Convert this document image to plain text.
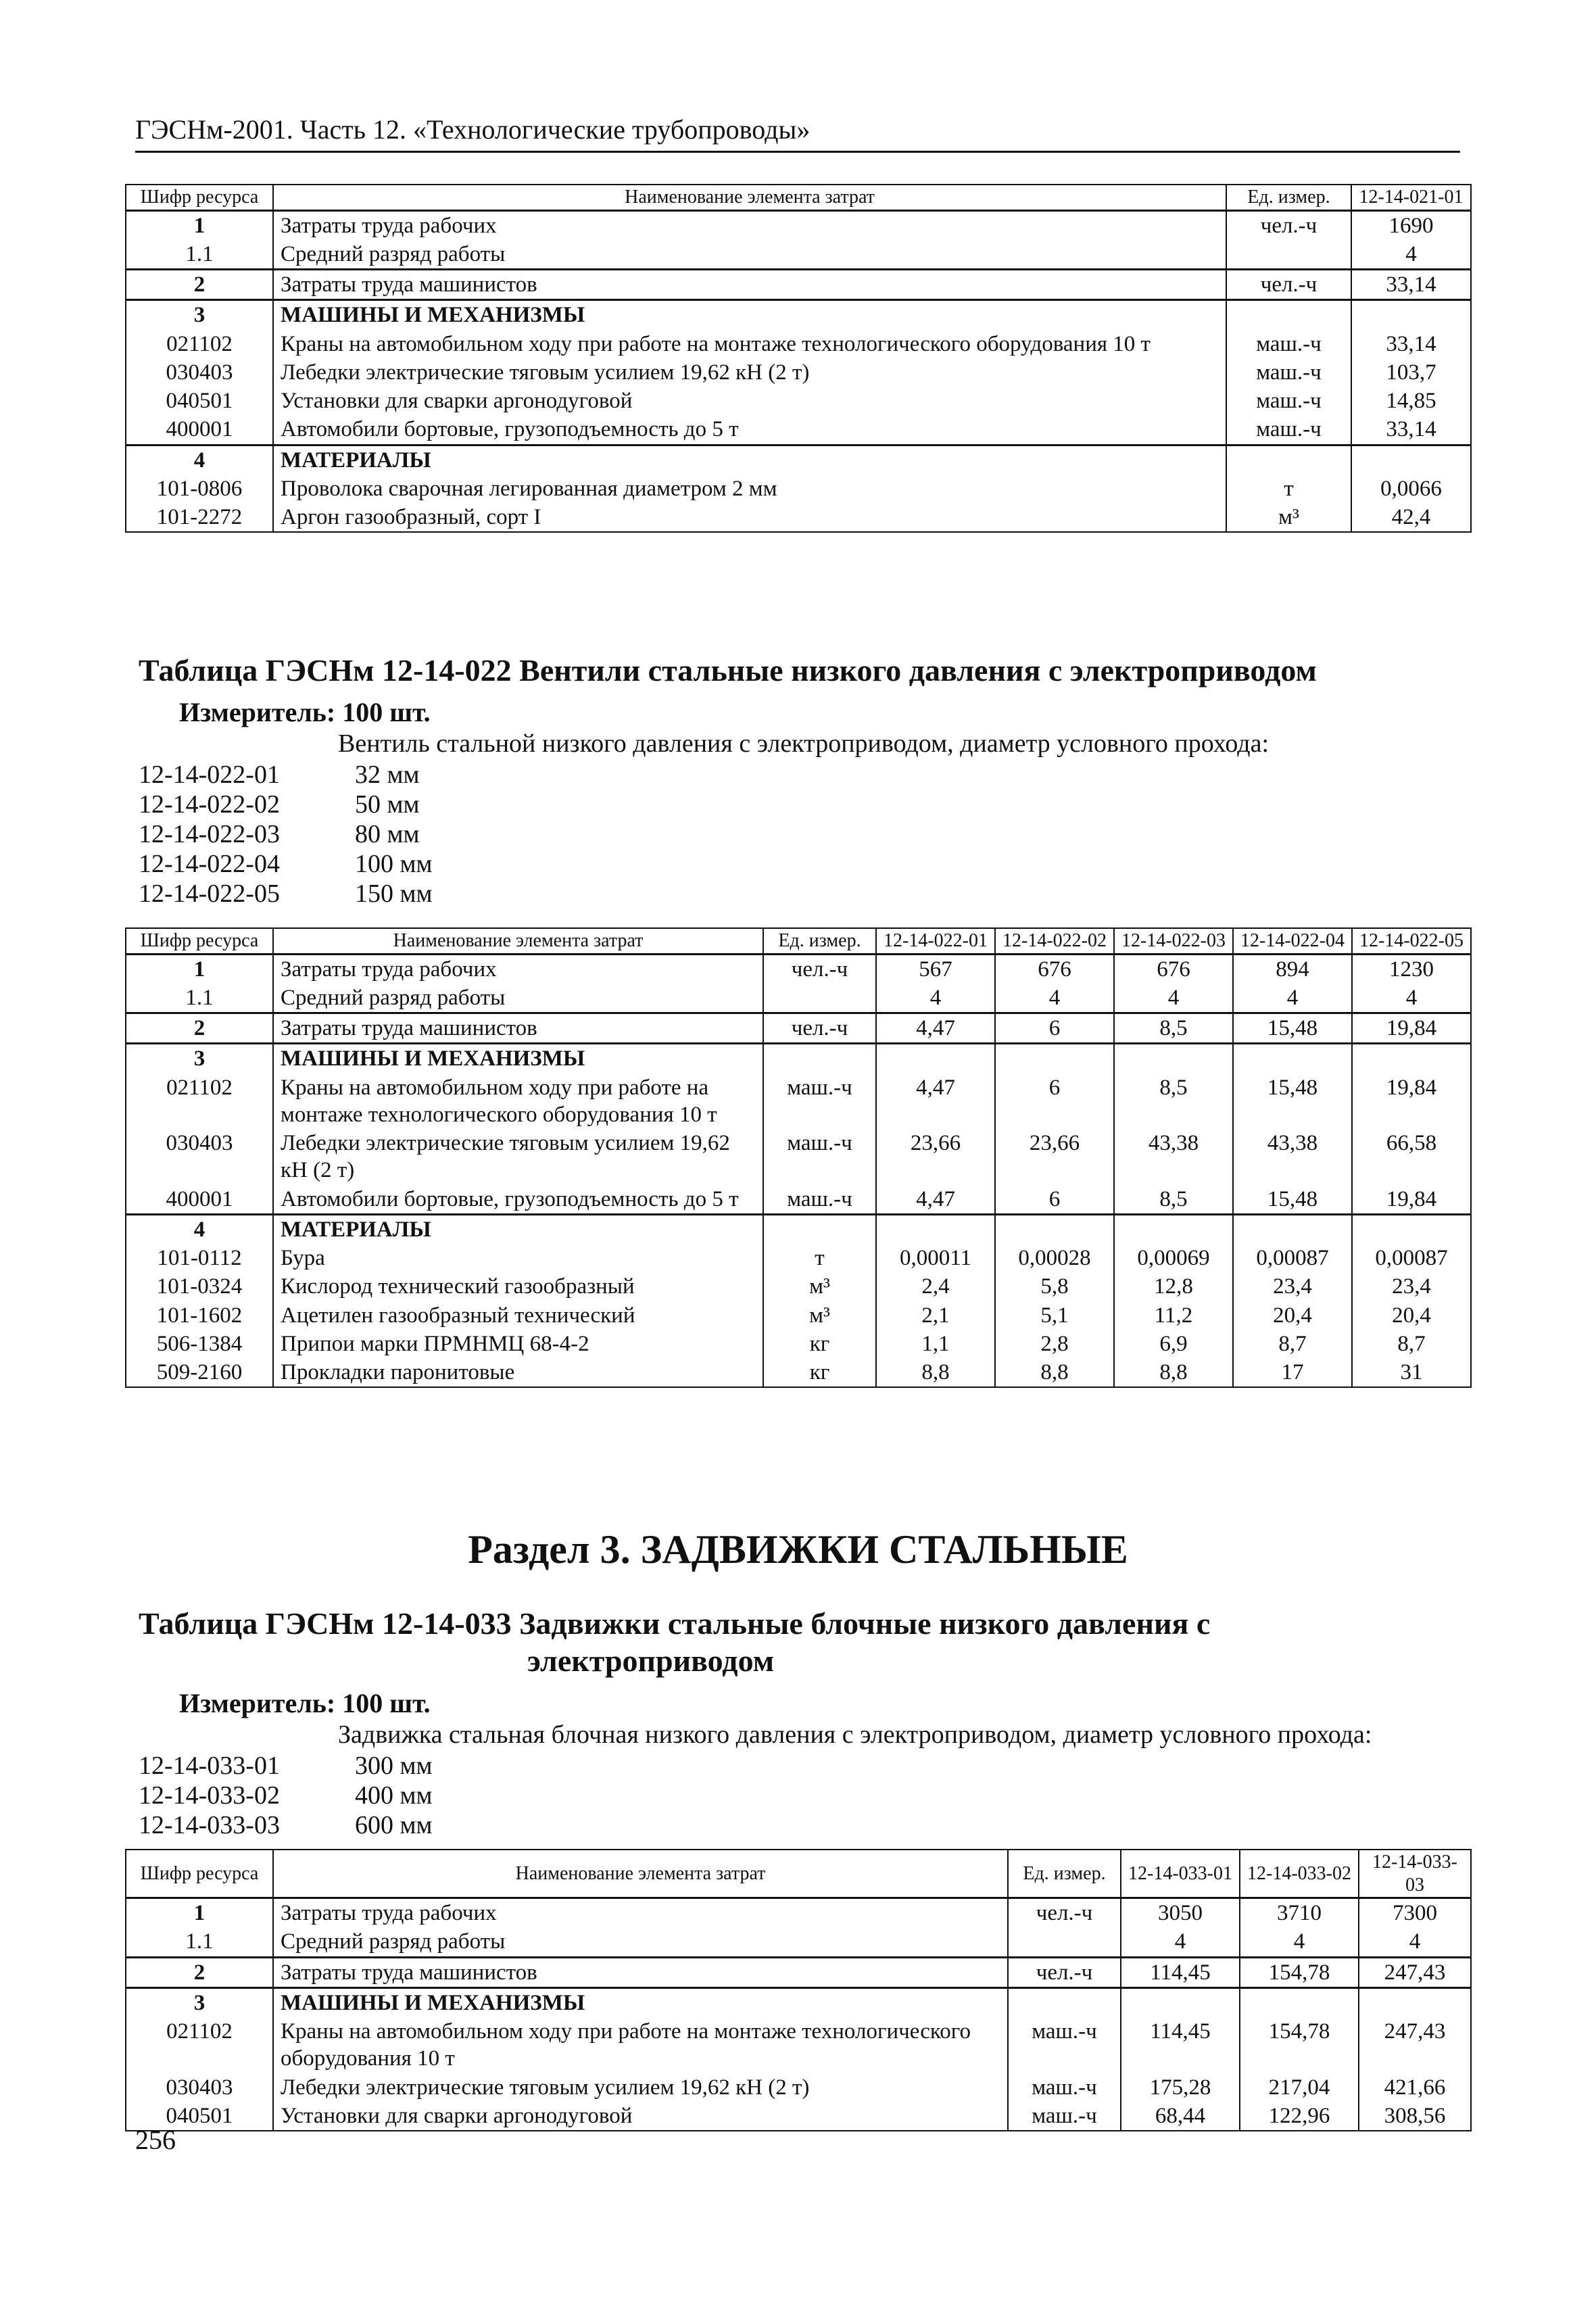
ГЭСНм-2001. Часть 12. «Технологические трубопроводы»
Шифр ресурса	Наименование элемента затрат	Ед. измер.	12-14-021-01
1	Затраты труда рабочих	чел.-ч	1690
1.1	Средний разряд работы		4
2	Затраты труда машинистов	чел.-ч	33,14
3	МАШИНЫ И МЕХАНИЗМЫ		
021102	Краны на автомобильном ходу при работе на монтаже технологического оборудования 10 т	маш.-ч	33,14
030403	Лебедки электрические тяговым усилием 19,62 кН (2 т)	маш.-ч	103,7
040501	Установки для сварки аргонодуговой	маш.-ч	14,85
400001	Автомобили бортовые, грузоподъемность до 5 т	маш.-ч	33,14
4	МАТЕРИАЛЫ		
101-0806	Проволока сварочная легированная диаметром 2 мм	т	0,0066
101-2272	Аргон газообразный, сорт I	м³	42,4
Таблица ГЭСНм 12-14-022 Вентили стальные низкого давления с электроприводом
Измеритель: 100 шт.
Вентиль стальной низкого давления с электроприводом, диаметр условного прохода:
12-14-022-01	32 мм
12-14-022-02	50 мм
12-14-022-03	80 мм
12-14-022-04	100 мм
12-14-022-05	150 мм
Шифр ресурса	Наименование элемента затрат	Ед. измер.	12-14-022-01	12-14-022-02	12-14-022-03	12-14-022-04	12-14-022-05
1	Затраты труда рабочих	чел.-ч	567	676	676	894	1230
1.1	Средний разряд работы		4	4	4	4	4
2	Затраты труда машинистов	чел.-ч	4,47	6	8,5	15,48	19,84
3	МАШИНЫ И МЕХАНИЗМЫ						
021102	Краны на автомобильном ходу при работе на монтаже технологического оборудования 10 т	маш.-ч	4,47	6	8,5	15,48	19,84
030403	Лебедки электрические тяговым усилием 19,62 кН (2 т)	маш.-ч	23,66	23,66	43,38	43,38	66,58
400001	Автомобили бортовые, грузоподъемность до 5 т	маш.-ч	4,47	6	8,5	15,48	19,84
4	МАТЕРИАЛЫ						
101-0112	Бура	т	0,00011	0,00028	0,00069	0,00087	0,00087
101-0324	Кислород технический газообразный	м³	2,4	5,8	12,8	23,4	23,4
101-1602	Ацетилен газообразный технический	м³	2,1	5,1	11,2	20,4	20,4
506-1384	Припои марки ПРМНМЦ 68-4-2	кг	1,1	2,8	6,9	8,7	8,7
509-2160	Прокладки паронитовые	кг	8,8	8,8	8,8	17	31
Раздел 3. ЗАДВИЖКИ СТАЛЬНЫЕ
Таблица ГЭСНм 12-14-033 Задвижки стальные блочные низкого давления с
электроприводом
Измеритель: 100 шт.
Задвижка стальная блочная низкого давления с электроприводом, диаметр условного прохода:
12-14-033-01	300 мм
12-14-033-02	400 мм
12-14-033-03	600 мм
Шифр ресурса	Наименование элемента затрат	Ед. измер.	12-14-033-01	12-14-033-02	12-14-033-03
1	Затраты труда рабочих	чел.-ч	3050	3710	7300
1.1	Средний разряд работы		4	4	4
2	Затраты труда машинистов	чел.-ч	114,45	154,78	247,43
3	МАШИНЫ И МЕХАНИЗМЫ				
021102	Краны на автомобильном ходу при работе на монтаже технологического оборудования 10 т	маш.-ч	114,45	154,78	247,43
030403	Лебедки электрические тяговым усилием 19,62 кН (2 т)	маш.-ч	175,28	217,04	421,66
040501	Установки для сварки аргонодуговой	маш.-ч	68,44	122,96	308,56
256
